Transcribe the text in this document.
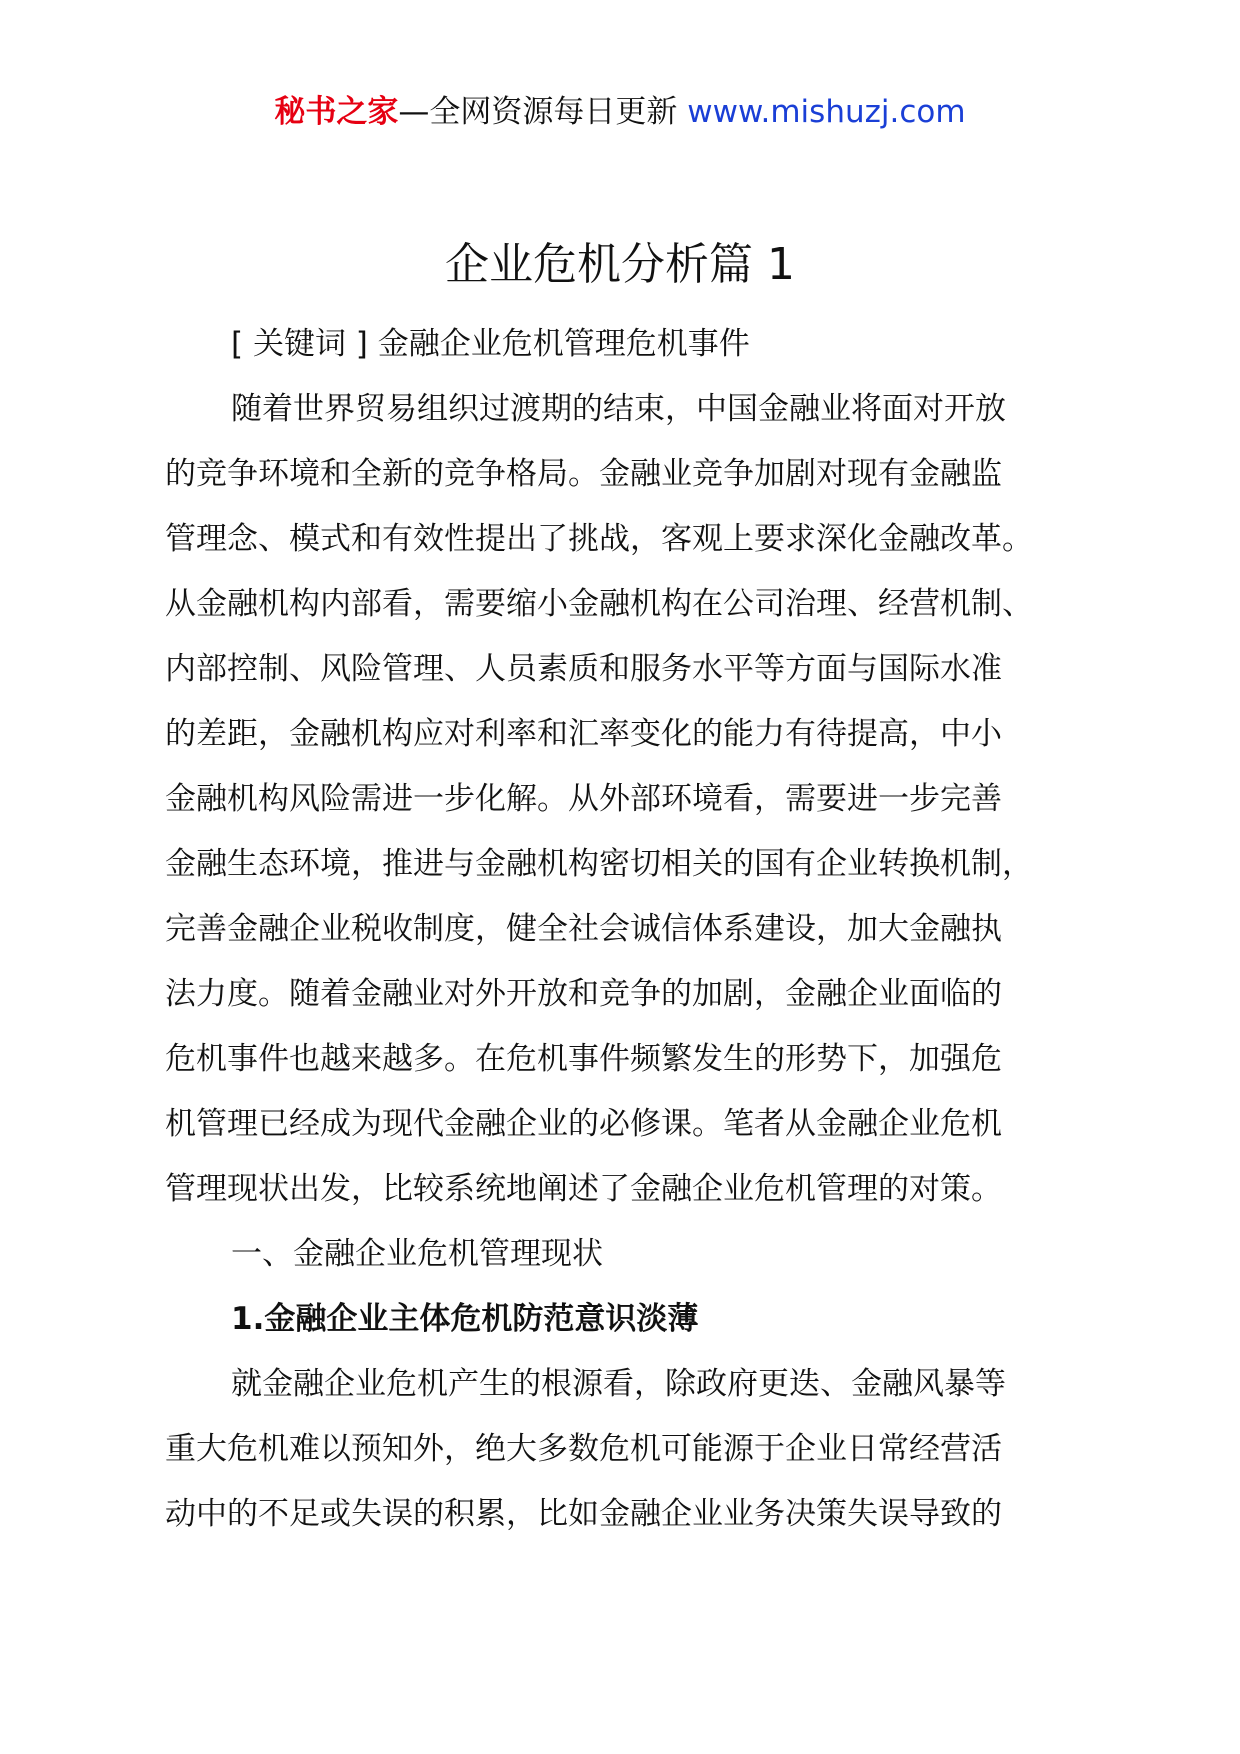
秘书之家—全网资源每日更新 www.mishuzj.com
企业危机分析篇 1
[ 关键词 ] 金融企业危机管理危机事件
随着世界贸易组织过渡期的结束，中国金融业将面对开放
的竞争环境和全新的竞争格局。金融业竞争加剧对现有金融监
管理念、模式和有效性提出了挑战，客观上要求深化金融改革。
从金融机构内部看，需要缩小金融机构在公司治理、经营机制、
内部控制、风险管理、人员素质和服务水平等方面与国际水准
的差距，金融机构应对利率和汇率变化的能力有待提高，中小
金融机构风险需进一步化解。从外部环境看，需要进一步完善
金融生态环境，推进与金融机构密切相关的国有企业转换机制，
完善金融企业税收制度，健全社会诚信体系建设，加大金融执
法力度。随着金融业对外开放和竞争的加剧，金融企业面临的
危机事件也越来越多。在危机事件频繁发生的形势下，加强危
机管理已经成为现代金融企业的必修课。笔者从金融企业危机
管理现状出发，比较系统地阐述了金融企业危机管理的对策。
一、金融企业危机管理现状
1.金融企业主体危机防范意识淡薄
就金融企业危机产生的根源看，除政府更迭、金融风暴等
重大危机难以预知外，绝大多数危机可能源于企业日常经营活
动中的不足或失误的积累，比如金融企业业务决策失误导致的
